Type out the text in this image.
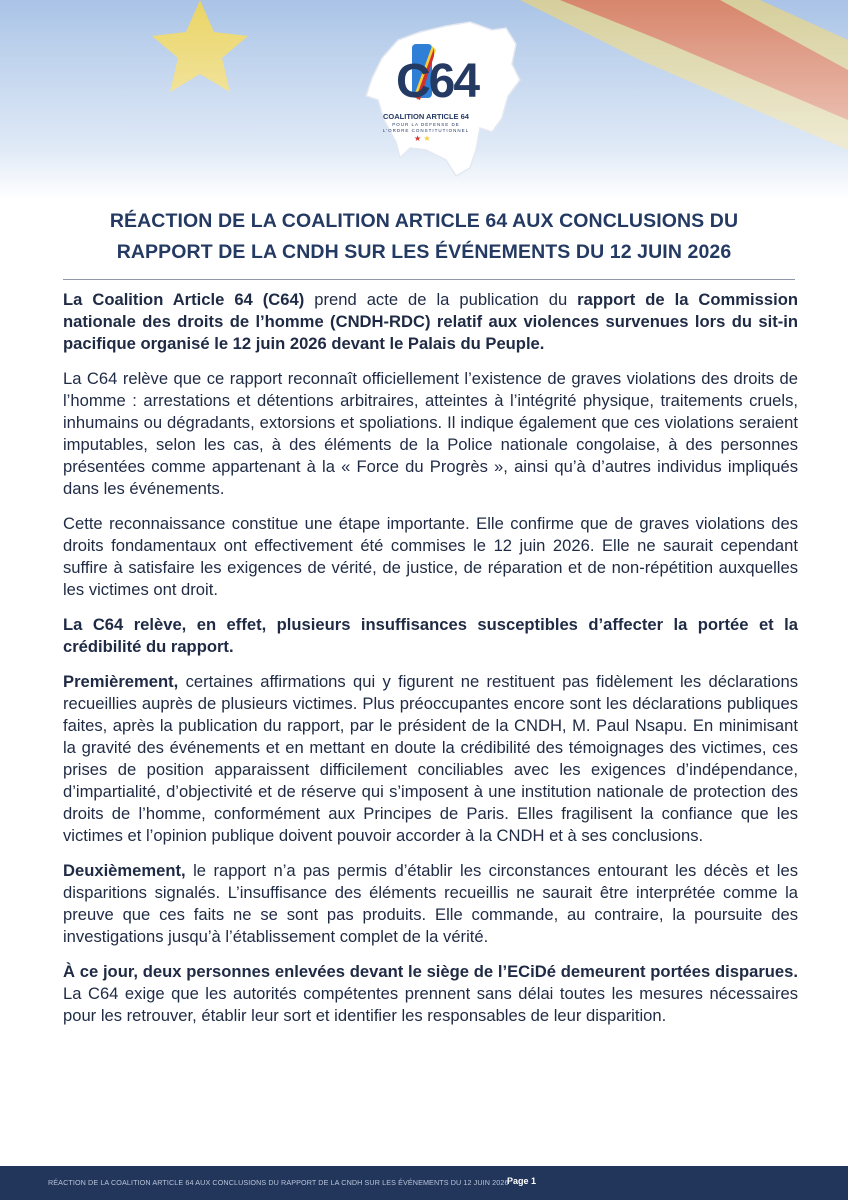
C64
COALITION ARTICLE 64
POUR LA DÉFENSE DE
L'ORDRE CONSTITUTIONNEL
★ ★
RÉACTION DE LA COALITION ARTICLE 64 AUX CONCLUSIONS DU
RAPPORT DE LA CNDH SUR LES ÉVÉNEMENTS DU 12 JUIN 2026

La Coalition Article 64 (C64) prend acte de la publication du rapport de la Commission nationale des droits de l’homme (CNDH-RDC) relatif aux violences survenues lors du sit-in pacifique organisé le 12 juin 2026 devant le Palais du Peuple.

La C64 relève que ce rapport reconnaît officiellement l’existence de graves violations des droits de l’homme : arrestations et détentions arbitraires, atteintes à l’intégrité physique, traitements cruels, inhumains ou dégradants, extorsions et spoliations. Il indique également que ces violations seraient imputables, selon les cas, à des éléments de la Police nationale congolaise, à des personnes présentées comme appartenant à la « Force du Progrès », ainsi qu’à d’autres individus impliqués dans les événements.

Cette reconnaissance constitue une étape importante. Elle confirme que de graves violations des droits fondamentaux ont effectivement été commises le 12 juin 2026. Elle ne saurait cependant suffire à satisfaire les exigences de vérité, de justice, de réparation et de non-répétition auxquelles les victimes ont droit.

La C64 relève, en effet, plusieurs insuffisances susceptibles d’affecter la portée et la crédibilité du rapport.

Premièrement, certaines affirmations qui y figurent ne restituent pas fidèlement les déclarations recueillies auprès de plusieurs victimes. Plus préoccupantes encore sont les déclarations publiques faites, après la publication du rapport, par le président de la CNDH, M. Paul Nsapu. En minimisant la gravité des événements et en mettant en doute la crédibilité des témoignages des victimes, ces prises de position apparaissent difficilement conciliables avec les exigences d’indépendance, d’impartialité, d’objectivité et de réserve qui s’imposent à une institution nationale de protection des droits de l’homme, conformément aux Principes de Paris. Elles fragilisent la confiance que les victimes et l’opinion publique doivent pouvoir accorder à la CNDH et à ses conclusions.

Deuxièmement, le rapport n’a pas permis d’établir les circonstances entourant les décès et les disparitions signalés. L’insuffisance des éléments recueillis ne saurait être interprétée comme la preuve que ces faits ne se sont pas produits. Elle commande, au contraire, la poursuite des investigations jusqu’à l’établissement complet de la vérité.

À ce jour, deux personnes enlevées devant le siège de l’ECiDé demeurent portées disparues. La C64 exige que les autorités compétentes prennent sans délai toutes les mesures nécessaires pour les retrouver, établir leur sort et identifier les responsables de leur disparition.

RÉACTION DE LA COALITION ARTICLE 64 AUX CONCLUSIONS DU RAPPORT DE LA CNDH SUR LES ÉVÉNEMENTS DU 12 JUIN 2026
Page 1
